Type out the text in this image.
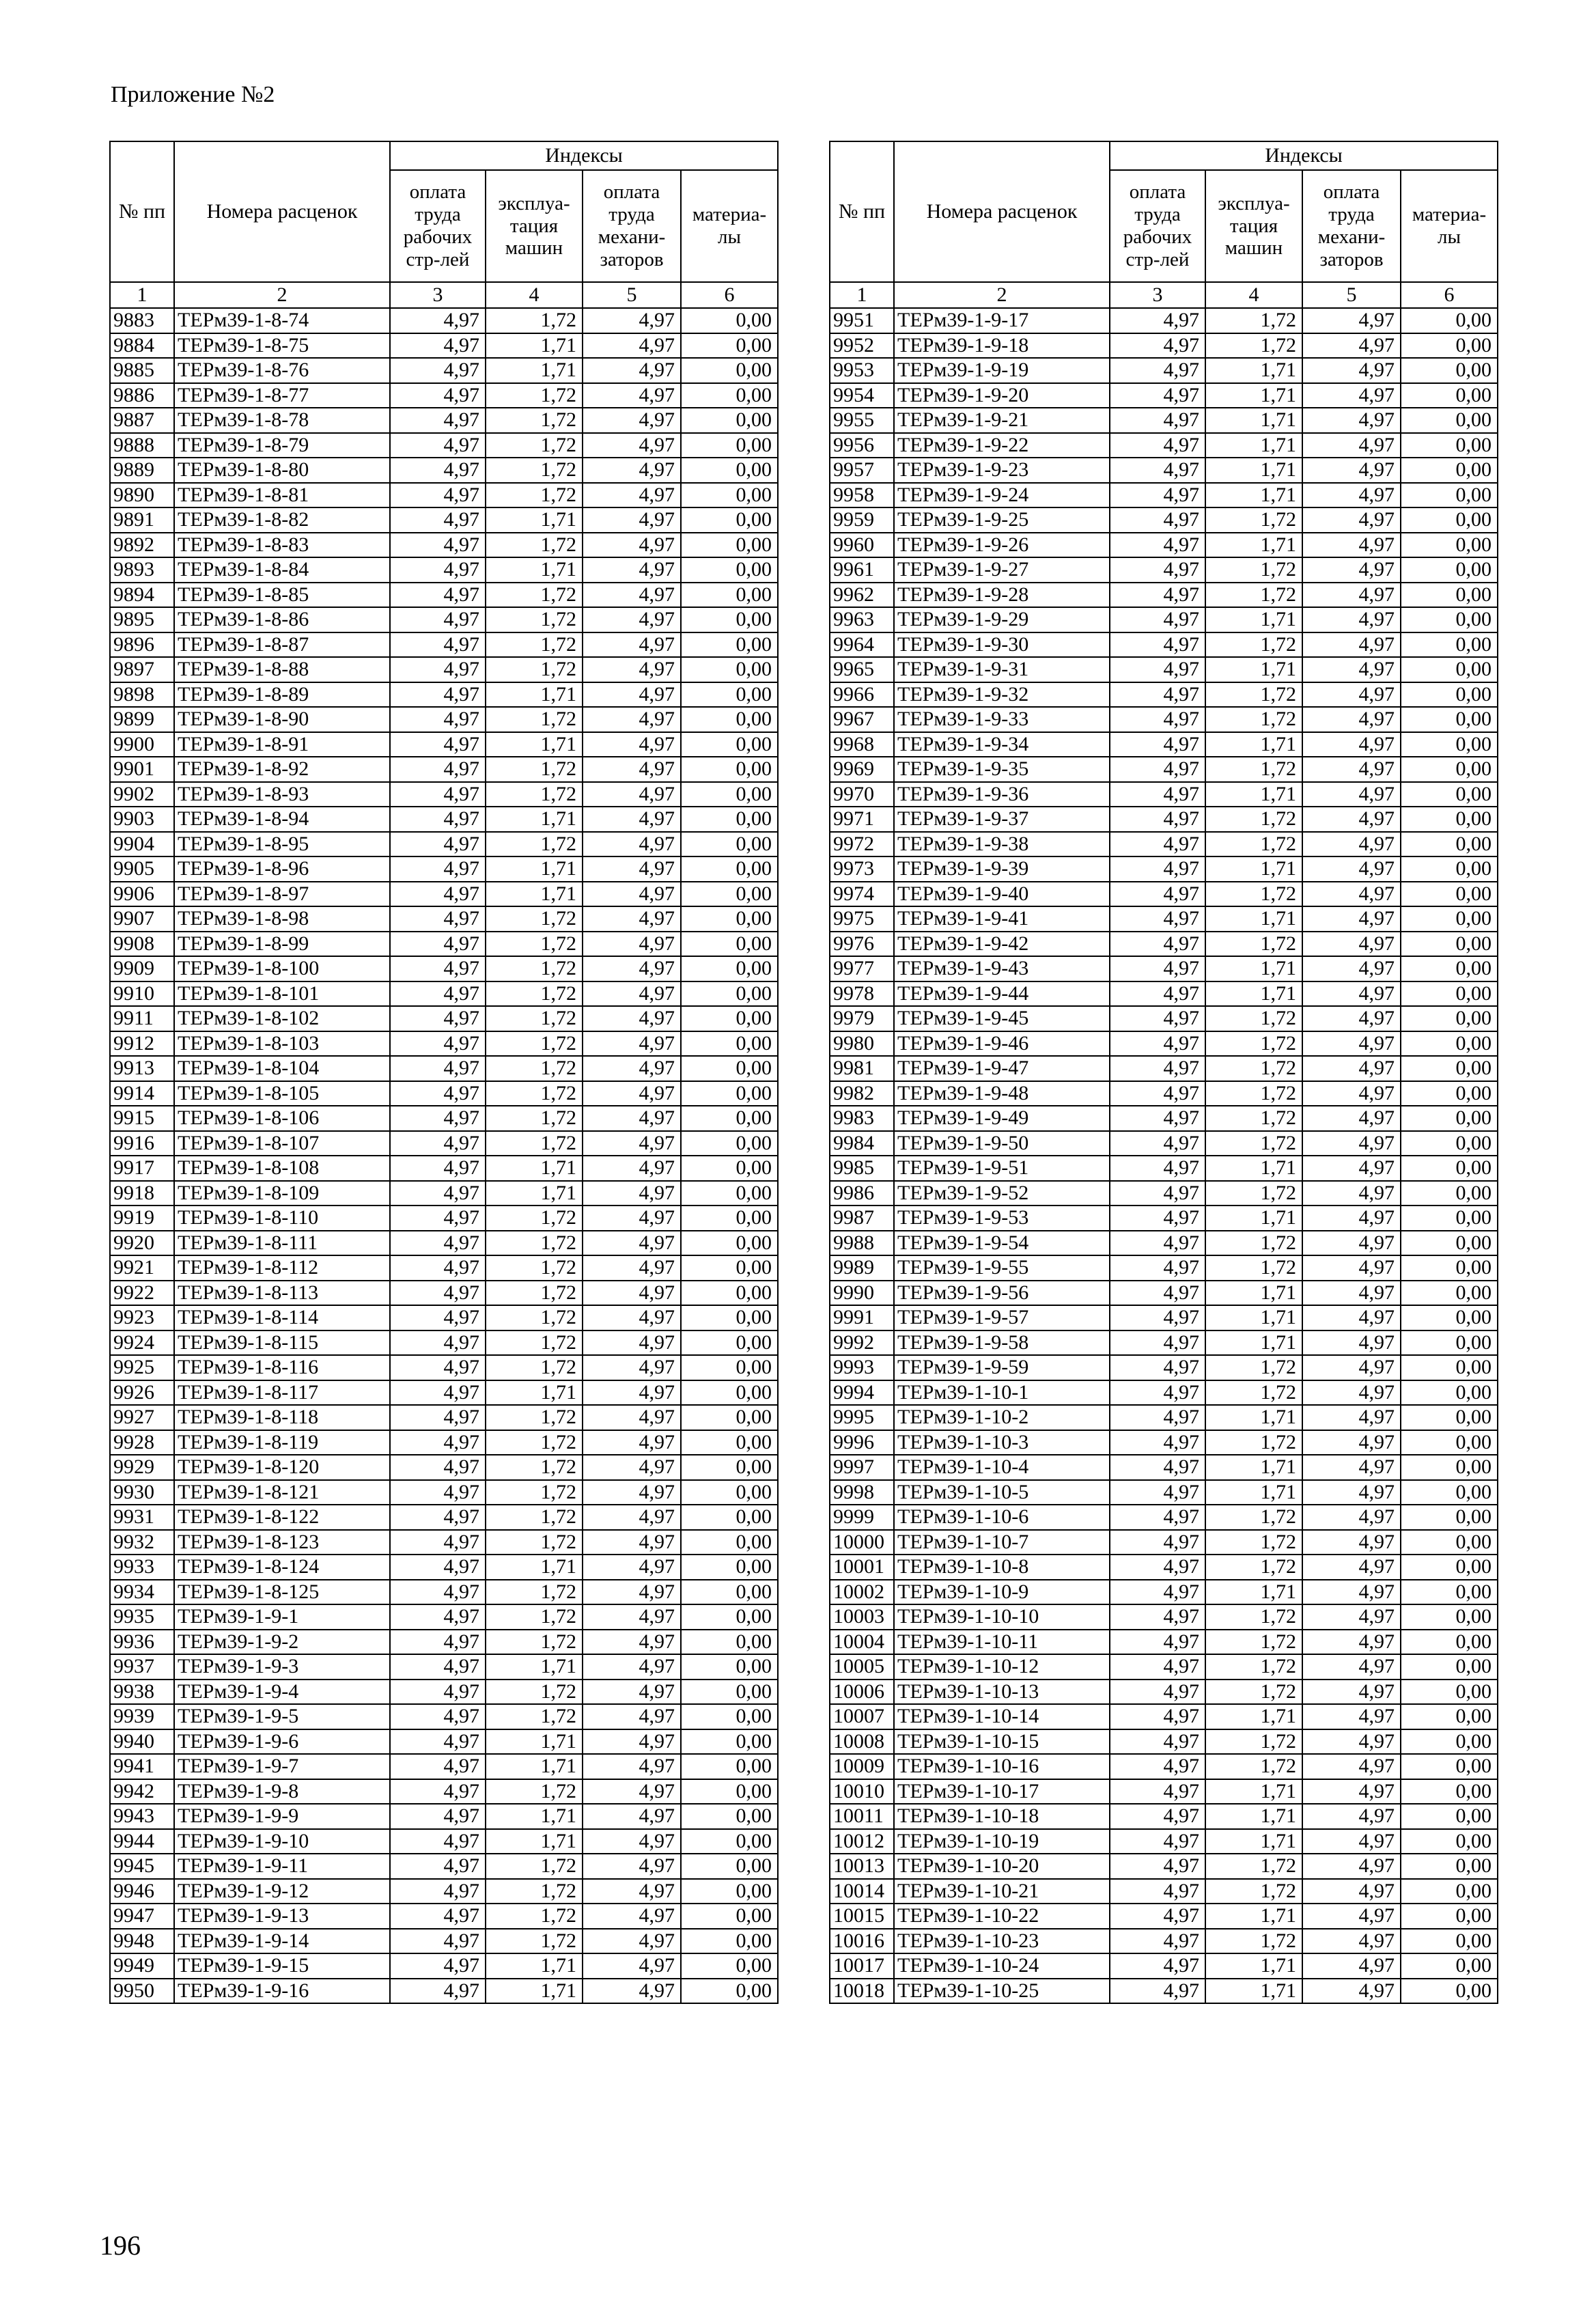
Приложение №2
№ пп	Номера расценок	Индексы			

		оплата труда рабочих стр-лей	эксплуа-тация машин	оплата труда механи-заторов	материа-лы

1	2	3	4	5	6
9883	ТЕРм39-1-8-74	4,97	1,72	4,97	0,00
9884	ТЕРм39-1-8-75	4,97	1,71	4,97	0,00
9885	ТЕРм39-1-8-76	4,97	1,71	4,97	0,00
9886	ТЕРм39-1-8-77	4,97	1,72	4,97	0,00
9887	ТЕРм39-1-8-78	4,97	1,72	4,97	0,00
9888	ТЕРм39-1-8-79	4,97	1,72	4,97	0,00
9889	ТЕРм39-1-8-80	4,97	1,72	4,97	0,00
9890	ТЕРм39-1-8-81	4,97	1,72	4,97	0,00
9891	ТЕРм39-1-8-82	4,97	1,71	4,97	0,00
9892	ТЕРм39-1-8-83	4,97	1,72	4,97	0,00
9893	ТЕРм39-1-8-84	4,97	1,71	4,97	0,00
9894	ТЕРм39-1-8-85	4,97	1,72	4,97	0,00
9895	ТЕРм39-1-8-86	4,97	1,72	4,97	0,00
9896	ТЕРм39-1-8-87	4,97	1,72	4,97	0,00
9897	ТЕРм39-1-8-88	4,97	1,72	4,97	0,00
9898	ТЕРм39-1-8-89	4,97	1,71	4,97	0,00
9899	ТЕРм39-1-8-90	4,97	1,72	4,97	0,00
9900	ТЕРм39-1-8-91	4,97	1,71	4,97	0,00
9901	ТЕРм39-1-8-92	4,97	1,72	4,97	0,00
9902	ТЕРм39-1-8-93	4,97	1,72	4,97	0,00
9903	ТЕРм39-1-8-94	4,97	1,71	4,97	0,00
9904	ТЕРм39-1-8-95	4,97	1,72	4,97	0,00
9905	ТЕРм39-1-8-96	4,97	1,71	4,97	0,00
9906	ТЕРм39-1-8-97	4,97	1,71	4,97	0,00
9907	ТЕРм39-1-8-98	4,97	1,72	4,97	0,00
9908	ТЕРм39-1-8-99	4,97	1,72	4,97	0,00
9909	ТЕРм39-1-8-100	4,97	1,72	4,97	0,00
9910	ТЕРм39-1-8-101	4,97	1,72	4,97	0,00
9911	ТЕРм39-1-8-102	4,97	1,72	4,97	0,00
9912	ТЕРм39-1-8-103	4,97	1,72	4,97	0,00
9913	ТЕРм39-1-8-104	4,97	1,72	4,97	0,00
9914	ТЕРм39-1-8-105	4,97	1,72	4,97	0,00
9915	ТЕРм39-1-8-106	4,97	1,72	4,97	0,00
9916	ТЕРм39-1-8-107	4,97	1,72	4,97	0,00
9917	ТЕРм39-1-8-108	4,97	1,71	4,97	0,00
9918	ТЕРм39-1-8-109	4,97	1,71	4,97	0,00
9919	ТЕРм39-1-8-110	4,97	1,72	4,97	0,00
9920	ТЕРм39-1-8-111	4,97	1,72	4,97	0,00
9921	ТЕРм39-1-8-112	4,97	1,72	4,97	0,00
9922	ТЕРм39-1-8-113	4,97	1,72	4,97	0,00
9923	ТЕРм39-1-8-114	4,97	1,72	4,97	0,00
9924	ТЕРм39-1-8-115	4,97	1,72	4,97	0,00
9925	ТЕРм39-1-8-116	4,97	1,72	4,97	0,00
9926	ТЕРм39-1-8-117	4,97	1,71	4,97	0,00
9927	ТЕРм39-1-8-118	4,97	1,72	4,97	0,00
9928	ТЕРм39-1-8-119	4,97	1,72	4,97	0,00
9929	ТЕРм39-1-8-120	4,97	1,72	4,97	0,00
9930	ТЕРм39-1-8-121	4,97	1,72	4,97	0,00
9931	ТЕРм39-1-8-122	4,97	1,72	4,97	0,00
9932	ТЕРм39-1-8-123	4,97	1,72	4,97	0,00
9933	ТЕРм39-1-8-124	4,97	1,71	4,97	0,00
9934	ТЕРм39-1-8-125	4,97	1,72	4,97	0,00
9935	ТЕРм39-1-9-1	4,97	1,72	4,97	0,00
9936	ТЕРм39-1-9-2	4,97	1,72	4,97	0,00
9937	ТЕРм39-1-9-3	4,97	1,71	4,97	0,00
9938	ТЕРм39-1-9-4	4,97	1,72	4,97	0,00
9939	ТЕРм39-1-9-5	4,97	1,72	4,97	0,00
9940	ТЕРм39-1-9-6	4,97	1,71	4,97	0,00
9941	ТЕРм39-1-9-7	4,97	1,71	4,97	0,00
9942	ТЕРм39-1-9-8	4,97	1,72	4,97	0,00
9943	ТЕРм39-1-9-9	4,97	1,71	4,97	0,00
9944	ТЕРм39-1-9-10	4,97	1,71	4,97	0,00
9945	ТЕРм39-1-9-11	4,97	1,72	4,97	0,00
9946	ТЕРм39-1-9-12	4,97	1,72	4,97	0,00
9947	ТЕРм39-1-9-13	4,97	1,72	4,97	0,00
9948	ТЕРм39-1-9-14	4,97	1,72	4,97	0,00
9949	ТЕРм39-1-9-15	4,97	1,71	4,97	0,00
9950	ТЕРм39-1-9-16	4,97	1,71	4,97	0,00
№ пп	Номера расценок	Индексы			

		оплата труда рабочих стр-лей	эксплуа-тация машин	оплата труда механи-заторов	материа-лы

1	2	3	4	5	6
9951	ТЕРм39-1-9-17	4,97	1,72	4,97	0,00
9952	ТЕРм39-1-9-18	4,97	1,72	4,97	0,00
9953	ТЕРм39-1-9-19	4,97	1,71	4,97	0,00
9954	ТЕРм39-1-9-20	4,97	1,71	4,97	0,00
9955	ТЕРм39-1-9-21	4,97	1,71	4,97	0,00
9956	ТЕРм39-1-9-22	4,97	1,71	4,97	0,00
9957	ТЕРм39-1-9-23	4,97	1,71	4,97	0,00
9958	ТЕРм39-1-9-24	4,97	1,71	4,97	0,00
9959	ТЕРм39-1-9-25	4,97	1,72	4,97	0,00
9960	ТЕРм39-1-9-26	4,97	1,71	4,97	0,00
9961	ТЕРм39-1-9-27	4,97	1,72	4,97	0,00
9962	ТЕРм39-1-9-28	4,97	1,72	4,97	0,00
9963	ТЕРм39-1-9-29	4,97	1,71	4,97	0,00
9964	ТЕРм39-1-9-30	4,97	1,72	4,97	0,00
9965	ТЕРм39-1-9-31	4,97	1,71	4,97	0,00
9966	ТЕРм39-1-9-32	4,97	1,72	4,97	0,00
9967	ТЕРм39-1-9-33	4,97	1,72	4,97	0,00
9968	ТЕРм39-1-9-34	4,97	1,71	4,97	0,00
9969	ТЕРм39-1-9-35	4,97	1,72	4,97	0,00
9970	ТЕРм39-1-9-36	4,97	1,71	4,97	0,00
9971	ТЕРм39-1-9-37	4,97	1,72	4,97	0,00
9972	ТЕРм39-1-9-38	4,97	1,72	4,97	0,00
9973	ТЕРм39-1-9-39	4,97	1,71	4,97	0,00
9974	ТЕРм39-1-9-40	4,97	1,72	4,97	0,00
9975	ТЕРм39-1-9-41	4,97	1,71	4,97	0,00
9976	ТЕРм39-1-9-42	4,97	1,72	4,97	0,00
9977	ТЕРм39-1-9-43	4,97	1,71	4,97	0,00
9978	ТЕРм39-1-9-44	4,97	1,71	4,97	0,00
9979	ТЕРм39-1-9-45	4,97	1,72	4,97	0,00
9980	ТЕРм39-1-9-46	4,97	1,72	4,97	0,00
9981	ТЕРм39-1-9-47	4,97	1,72	4,97	0,00
9982	ТЕРм39-1-9-48	4,97	1,72	4,97	0,00
9983	ТЕРм39-1-9-49	4,97	1,72	4,97	0,00
9984	ТЕРм39-1-9-50	4,97	1,72	4,97	0,00
9985	ТЕРм39-1-9-51	4,97	1,71	4,97	0,00
9986	ТЕРм39-1-9-52	4,97	1,72	4,97	0,00
9987	ТЕРм39-1-9-53	4,97	1,71	4,97	0,00
9988	ТЕРм39-1-9-54	4,97	1,72	4,97	0,00
9989	ТЕРм39-1-9-55	4,97	1,72	4,97	0,00
9990	ТЕРм39-1-9-56	4,97	1,71	4,97	0,00
9991	ТЕРм39-1-9-57	4,97	1,71	4,97	0,00
9992	ТЕРм39-1-9-58	4,97	1,71	4,97	0,00
9993	ТЕРм39-1-9-59	4,97	1,72	4,97	0,00
9994	ТЕРм39-1-10-1	4,97	1,72	4,97	0,00
9995	ТЕРм39-1-10-2	4,97	1,71	4,97	0,00
9996	ТЕРм39-1-10-3	4,97	1,72	4,97	0,00
9997	ТЕРм39-1-10-4	4,97	1,71	4,97	0,00
9998	ТЕРм39-1-10-5	4,97	1,71	4,97	0,00
9999	ТЕРм39-1-10-6	4,97	1,72	4,97	0,00
10000	ТЕРм39-1-10-7	4,97	1,72	4,97	0,00
10001	ТЕРм39-1-10-8	4,97	1,72	4,97	0,00
10002	ТЕРм39-1-10-9	4,97	1,71	4,97	0,00
10003	ТЕРм39-1-10-10	4,97	1,72	4,97	0,00
10004	ТЕРм39-1-10-11	4,97	1,72	4,97	0,00
10005	ТЕРм39-1-10-12	4,97	1,72	4,97	0,00
10006	ТЕРм39-1-10-13	4,97	1,72	4,97	0,00
10007	ТЕРм39-1-10-14	4,97	1,71	4,97	0,00
10008	ТЕРм39-1-10-15	4,97	1,72	4,97	0,00
10009	ТЕРм39-1-10-16	4,97	1,72	4,97	0,00
10010	ТЕРм39-1-10-17	4,97	1,71	4,97	0,00
10011	ТЕРм39-1-10-18	4,97	1,71	4,97	0,00
10012	ТЕРм39-1-10-19	4,97	1,71	4,97	0,00
10013	ТЕРм39-1-10-20	4,97	1,72	4,97	0,00
10014	ТЕРм39-1-10-21	4,97	1,72	4,97	0,00
10015	ТЕРм39-1-10-22	4,97	1,71	4,97	0,00
10016	ТЕРм39-1-10-23	4,97	1,72	4,97	0,00
10017	ТЕРм39-1-10-24	4,97	1,71	4,97	0,00
10018	ТЕРм39-1-10-25	4,97	1,71	4,97	0,00
196
